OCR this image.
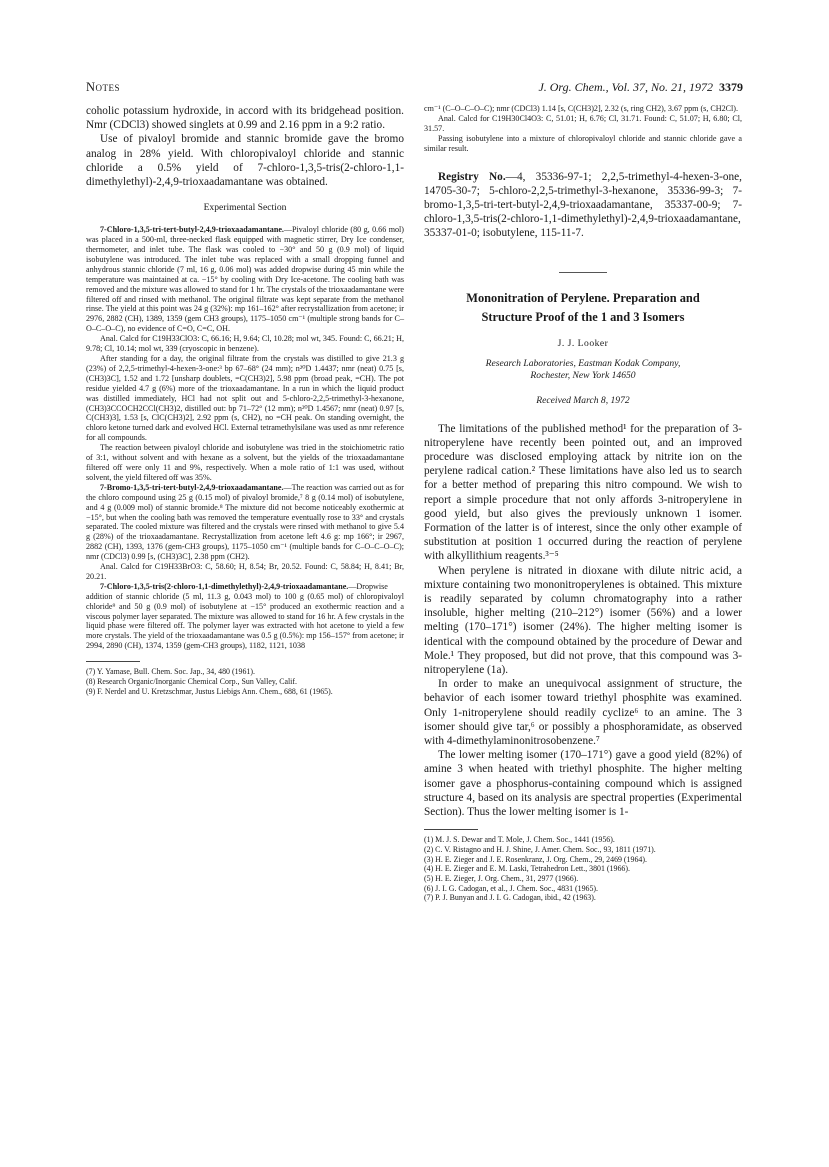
Notes	J. Org. Chem., Vol. 37, No. 21, 1972 3379

coholic potassium hydroxide, in accord with its bridgehead position. Nmr (CDCl3) showed singlets at 0.99 and 2.16 ppm in a 9:2 ratio.

Use of pivaloyl bromide and stannic bromide gave the bromo analog in 28% yield. With chloropivaloyl chloride and stannic chloride a 0.5% yield of 7-chloro-1,3,5-tris(2-chloro-1,1-dimethylethyl)-2,4,9-trioxaadamantane was obtained.

Experimental Section

7-Chloro-1,3,5-tri-tert-butyl-2,4,9-trioxaadamantane.—Pivaloyl chloride (80 g, 0.66 mol) was placed in a 500-ml, three-necked flask equipped with magnetic stirrer, Dry Ice condenser, thermometer, and inlet tube. The flask was cooled to −30° and 50 g (0.9 mol) of liquid isobutylene was introduced. The inlet tube was replaced with a small dropping funnel and anhydrous stannic chloride (7 ml, 16 g, 0.06 mol) was added dropwise during 45 min while the temperature was maintained at ca. −15° by cooling with Dry Ice-acetone. The cooling bath was removed and the mixture was allowed to stand for 1 hr. The crystals of the trioxaadamantane were filtered off and rinsed with methanol. The original filtrate was kept separate from the methanol rinse. The yield at this point was 24 g (32%): mp 161–162° after recrystallization from acetone; ir 2976, 2882 (CH), 1389, 1359 (gem CH3 groups), 1175–1050 cm⁻¹ (multiple strong bands for C–O–C–O–C), no evidence of C=O, C=C, OH.

Anal. Calcd for C19H33ClO3: C, 66.16; H, 9.64; Cl, 10.28; mol wt, 345. Found: C, 66.21; H, 9.78; Cl, 10.14; mol wt, 339 (cryoscopic in benzene).

After standing for a day, the original filtrate from the crystals was distilled to give 21.3 g (23%) of 2,2,5-trimethyl-4-hexen-3-one:³ bp 67–68° (24 mm); n²⁰D 1.4437; nmr (neat) 0.75 [s, (CH3)3C], 1.52 and 1.72 [unsharp doublets, =C(CH3)2], 5.98 ppm (broad peak, =CH). The pot residue yielded 4.7 g (6%) more of the trioxaadamantane. In a run in which the liquid product was distilled immediately, HCl had not split out and 5-chloro-2,2,5-trimethyl-3-hexanone, (CH3)3CCOCH2CCl(CH3)2, distilled out: bp 71–72° (12 mm); n²⁰D 1.4567; nmr (neat) 0.97 [s, C(CH3)3], 1.53 [s, ClC(CH3)2], 2.92 ppm (s, CH2), no =CH peak. On standing overnight, the chloro ketone turned dark and evolved HCl. External tetramethylsilane was used as nmr reference for all compounds.

The reaction between pivaloyl chloride and isobutylene was tried in the stoichiometric ratio of 3:1, without solvent and with hexane as a solvent, but the yields of the trioxaadamantane filtered off were only 11 and 9%, respectively. When a mole ratio of 1:1 was used, without solvent, the yield filtered off was 35%.

7-Bromo-1,3,5-tri-tert-butyl-2,4,9-trioxaadamantane.—The reaction was carried out as for the chloro compound using 25 g (0.15 mol) of pivaloyl bromide,⁷ 8 g (0.14 mol) of isobutylene, and 4 g (0.009 mol) of stannic bromide.⁸ The mixture did not become noticeably exothermic at −15°, but when the cooling bath was removed the temperature eventually rose to 33° and crystals separated. The cooled mixture was filtered and the crystals were rinsed with methanol to give 5.4 g (28%) of the trioxaadamantane. Recrystallization from acetone left 4.6 g: mp 166°; ir 2967, 2882 (CH), 1393, 1376 (gem-CH3 groups), 1175–1050 cm⁻¹ (multiple bands for C–O–C–O–C); nmr (CDCl3) 0.99 [s, (CH3)3C], 2.38 ppm (CH2).

Anal. Calcd for C19H33BrO3: C, 58.60; H, 8.54; Br, 20.52. Found: C, 58.84; H, 8.41; Br, 20.21.

7-Chloro-1,3,5-tris(2-chloro-1,1-dimethylethyl)-2,4,9-trioxaadamantane.—Dropwise addition of stannic chloride (5 ml, 11.3 g, 0.043 mol) to 100 g (0.65 mol) of chloropivaloyl chloride⁹ and 50 g (0.9 mol) of isobutylene at −15° produced an exothermic reaction and a viscous polymer layer separated. The mixture was allowed to stand for 16 hr. A few crystals in the liquid phase were filtered off. The polymer layer was extracted with hot acetone to yield a few more crystals. The yield of the trioxaadamantane was 0.5 g (0.5%): mp 156–157° from acetone; ir 2994, 2890 (CH), 1374, 1359 (gem-CH3 groups), 1182, 1121, 1038

(7) Y. Yamase, Bull. Chem. Soc. Jap., 34, 480 (1961).
(8) Research Organic/Inorganic Chemical Corp., Sun Valley, Calif.
(9) F. Nerdel and U. Kretzschmar, Justus Liebigs Ann. Chem., 688, 61 (1965).

cm⁻¹ (C–O–C–O–C); nmr (CDCl3) 1.14 [s, C(CH3)2], 2.32 (s, ring CH2), 3.67 ppm (s, CH2Cl).

Anal. Calcd for C19H30Cl4O3: C, 51.01; H, 6.76; Cl, 31.71. Found: C, 51.07; H, 6.80; Cl, 31.57.

Passing isobutylene into a mixture of chloropivaloyl chloride and stannic chloride gave a similar result.

Registry No.—4, 35336-97-1; 2,2,5-trimethyl-4-hexen-3-one, 14705-30-7; 5-chloro-2,2,5-trimethyl-3-hexanone, 35336-99-3; 7-bromo-1,3,5-tri-tert-butyl-2,4,9-trioxaadamantane, 35337-00-9; 7-chloro-1,3,5-tris(2-chloro-1,1-dimethylethyl)-2,4,9-trioxaadamantane, 35337-01-0; isobutylene, 115-11-7.

Mononitration of Perylene. Preparation and
Structure Proof of the 1 and 3 Isomers

J. J. Looker

Research Laboratories, Eastman Kodak Company,
Rochester, New York 14650

Received March 8, 1972

The limitations of the published method¹ for the preparation of 3-nitroperylene have recently been pointed out, and an improved procedure was disclosed employing attack by nitrite ion on the perylene radical cation.² These limitations have also led us to search for a better method of preparing this nitro compound. We wish to report a simple procedure that not only affords 3-nitroperylene in good yield, but also gives the previously unknown 1 isomer. Formation of the latter is of interest, since the only other example of substitution at position 1 occurred during the reaction of perylene with alkyllithium reagents.³⁻⁵

When perylene is nitrated in dioxane with dilute nitric acid, a mixture containing two mononitroperylenes is obtained. This mixture is readily separated by column chromatography into a rather insoluble, higher melting (210–212°) isomer (56%) and a lower melting (170–171°) isomer (24%). The higher melting isomer is identical with the compound obtained by the procedure of Dewar and Mole.¹ They proposed, but did not prove, that this compound was 3-nitroperylene (1a).

In order to make an unequivocal assignment of structure, the behavior of each isomer toward triethyl phosphite was examined. Only 1-nitroperylene should readily cyclize⁶ to an amine. The 3 isomer should give tar,⁶ or possibly a phosphoramidate, as observed with 4-dimethylaminonitrosobenzene.⁷

The lower melting isomer (170–171°) gave a good yield (82%) of amine 3 when heated with triethyl phosphite. The higher melting isomer gave a phosphorus-containing compound which is assigned structure 4, based on its analysis are spectral properties (Experimental Section). Thus the lower melting isomer is 1-

(1) M. J. S. Dewar and T. Mole, J. Chem. Soc., 1441 (1956).
(2) C. V. Ristagno and H. J. Shine, J. Amer. Chem. Soc., 93, 1811 (1971).
(3) H. E. Zieger and J. E. Rosenkranz, J. Org. Chem., 29, 2469 (1964).
(4) H. E. Zieger and E. M. Laski, Tetrahedron Lett., 3801 (1966).
(5) H. E. Zieger, J. Org. Chem., 31, 2977 (1966).
(6) J. I. G. Cadogan, et al., J. Chem. Soc., 4831 (1965).
(7) P. J. Bunyan and J. I. G. Cadogan, ibid., 42 (1963).
